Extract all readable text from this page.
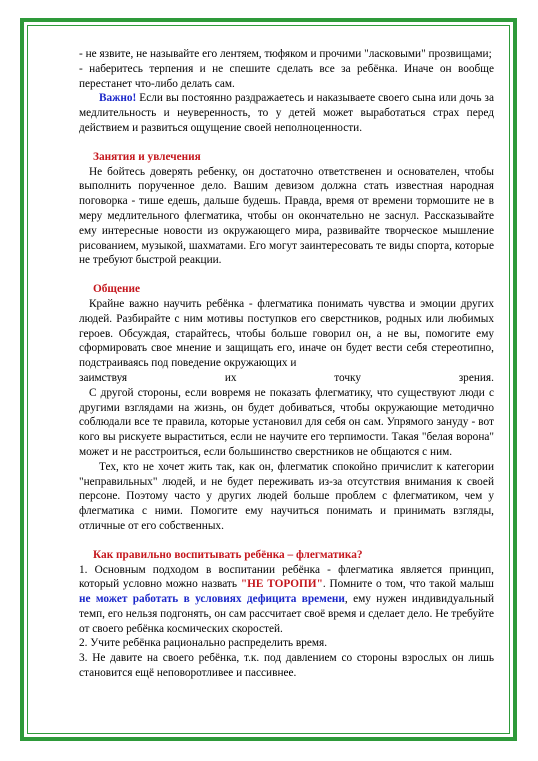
- не язвите, не называйте его лентяем, тюфяком и прочими "ласковыми" прозвищами;

- наберитесь терпения и не спешите сделать все за ребёнка. Иначе он вообще перестанет что-либо делать сам.

Важно! Если вы постоянно раздражаетесь и наказываете своего сына или дочь за медлительность и неуверенность, то у детей может выработаться страх перед действием и развиться ощущение своей неполноценности.

Занятия и увлечения

Не бойтесь доверять ребенку, он достаточно ответственен и основателен, чтобы выполнить порученное дело. Вашим девизом должна стать известная народная поговорка - тише едешь, дальше будешь. Правда, время от времени тормошите не в меру медлительного флегматика, чтобы он окончательно не заснул. Рассказывайте ему интересные новости из окружающего мира, развивайте творческое мышление рисованием, музыкой, шахматами. Его могут заинтересовать те виды спорта, которые не требуют быстрой реакции.

Общение

Крайне важно научить ребёнка - флегматика понимать чувства и эмоции других людей. Разбирайте с ним мотивы поступков его сверстников, родных или любимых героев. Обсуждая, старайтесь, чтобы больше говорил он, а не вы, помогите ему сформировать свое мнение и защищать его, иначе он будет вести себя стереотипно, подстраиваясь под поведение окружающих и

заимствуя	их	точку	зрения.

С другой стороны, если вовремя не показать флегматику, что существуют люди с другими взглядами на жизнь, он будет добиваться, чтобы окружающие методично соблюдали все те правила, которые установил для себя он сам. Упрямого зануду - вот кого вы рискуете выраститься, если не научите его терпимости. Такая "белая ворона" может и не расстроиться, если большинство сверстников не общаются с ним.

Тех, кто не хочет жить так, как он, флегматик спокойно причислит к категории "неправильных" людей, и не будет переживать из-за отсутствия внимания к своей персоне. Поэтому часто у других людей больше проблем с флегматиком, чем у флегматика с ними. Помогите ему научиться понимать и принимать взгляды, отличные от его собственных.

Как правильно воспитывать ребёнка – флегматика?

1. Основным подходом в воспитании ребёнка - флегматика является принцип, который условно можно назвать "НЕ ТОРОПИ". Помните о том, что такой малыш не может работать в условиях дефицита времени, ему нужен индивидуальный темп, его нельзя подгонять, он сам рассчитает своё время и сделает дело. Не требуйте от своего ребёнка космических скоростей.

2. Учите ребёнка рационально распределить время.

3. Не давите на своего ребёнка, т.к. под давлением со стороны взрослых он лишь становится ещё неповоротливее и пассивнее.
